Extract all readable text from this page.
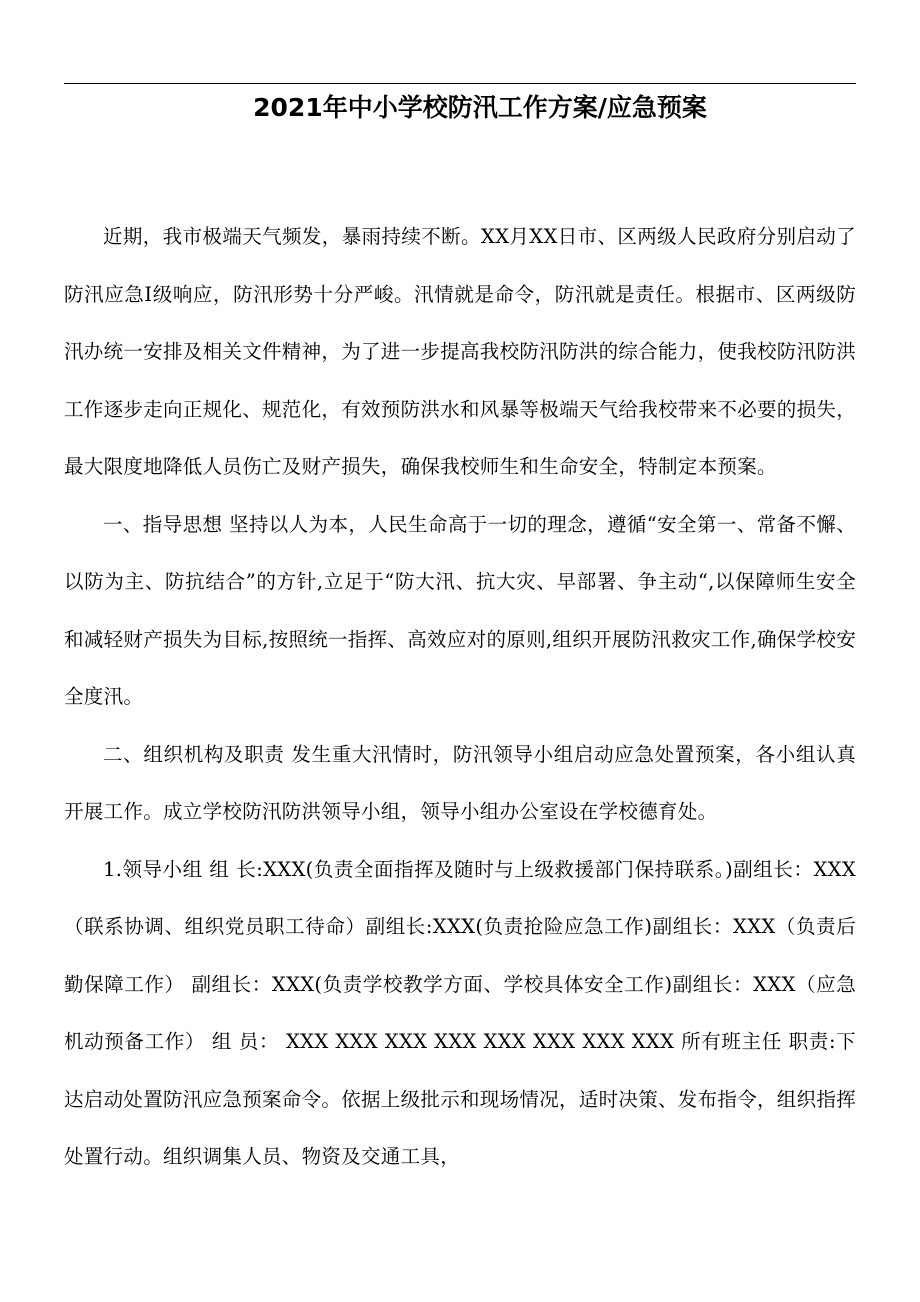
2021年中小学校防汛工作方案/应急预案

近期，我市极端天气频发，暴雨持续不断。XX月XX日市、区两级人民政府分别启动了防汛应急Ⅰ级响应，防汛形势十分严峻。汛情就是命令，防汛就是责任。根据市、区两级防汛办统一安排及相关文件精神，为了进一步提高我校防汛防洪的综合能力，使我校防汛防洪工作逐步走向正规化、规范化，有效预防洪水和风暴等极端天气给我校带来不必要的损失，最大限度地降低人员伤亡及财产损失，确保我校师生和生命安全，特制定本预案。

一、指导思想 坚持以人为本，人民生命高于一切的理念，遵循“安全第一、常备不懈、以防为主、防抗结合”的方针,立足于“防大汛、抗大灾、早部署、争主动“,以保障师生安全和减轻财产损失为目标,按照统一指挥、高效应对的原则,组织开展防汛救灾工作,确保学校安全度汛。

二、组织机构及职责 发生重大汛情时，防汛领导小组启动应急处置预案，各小组认真开展工作。成立学校防汛防洪领导小组，领导小组办公室设在学校德育处。

1.领导小组 组 长:XXX(负责全面指挥及随时与上级救援部门保持联系。)副组长：XXX（联系协调、组织党员职工待命）副组长:XXX(负责抢险应急工作)副组长：XXX（负责后勤保障工作） 副组长：XXX(负责学校教学方面、学校具体安全工作)副组长：XXX（应急机动预备工作） 组 员： XXX XXX XXX XXX XXX XXX XXX XXX 所有班主任 职责:下达启动处置防汛应急预案命令。依据上级批示和现场情况，适时决策、发布指令，组织指挥处置行动。组织调集人员、物资及交通工具，
